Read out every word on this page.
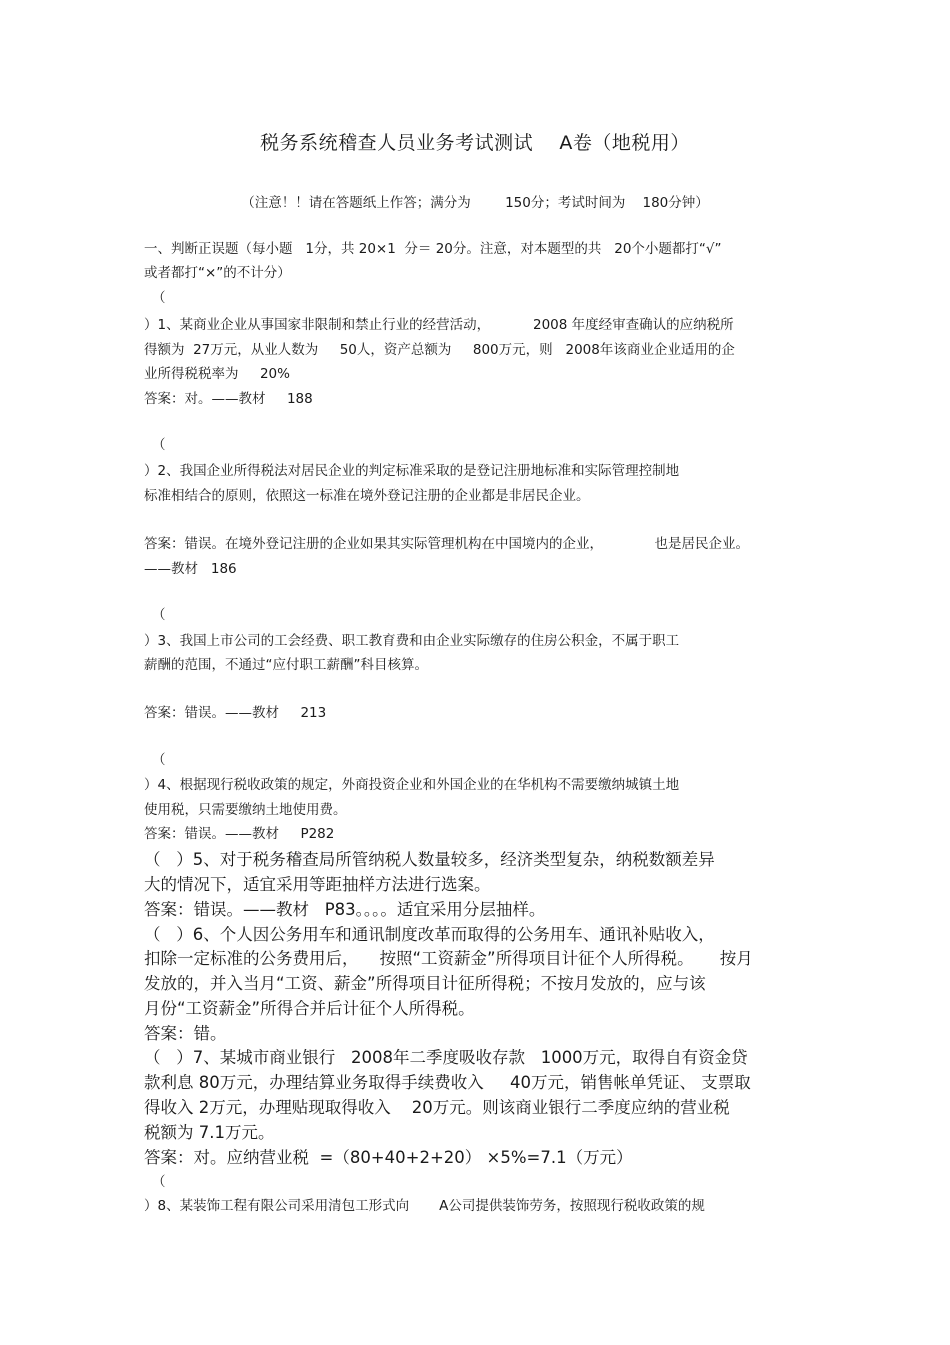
税务系统稽查人员业务考试测试    A卷（地税用）
（注意！！请在答题纸上作答；满分为        150分；考试时间为    180分钟）
一、判断正误题（每小题   1分，共 20×1  分＝ 20分。注意，对本题型的共   20个小题都打“√”
或者都打“×”的不计分）
（
）1、某商业企业从事国家非限制和禁止行业的经营活动，          2008 年度经审查确认的应纳税所
得额为  27万元，从业人数为     50人，资产总额为     800万元，则   2008年该商业企业适用的企
业所得税税率为     20%
答案：对。——教材     188
（
）2、我国企业所得税法对居民企业的判定标准采取的是登记注册地标准和实际管理控制地
标准相结合的原则，依照这一标准在境外登记注册的企业都是非居民企业。
答案：错误。在境外登记注册的企业如果其实际管理机构在中国境内的企业，            也是居民企业。
——教材   186
（
）3、我国上市公司的工会经费、职工教育费和由企业实际缴存的住房公积金，不属于职工
薪酬的范围，不通过“应付职工薪酬”科目核算。
答案：错误。——教材     213
（
）4、根据现行税收政策的规定，外商投资企业和外国企业的在华机构不需要缴纳城镇土地
使用税，只需要缴纳土地使用费。
答案：错误。——教材     P282
（   ）5、对于税务稽查局所管纳税人数量较多，经济类型复杂，纳税数额差异
大的情况下，适宜采用等距抽样方法进行选案。
答案：错误。——教材   P83。。。。适宜采用分层抽样。
（   ）6、个人因公务用车和通讯制度改革而取得的公务用车、通讯补贴收入，
扣除一定标准的公务费用后，    按照“工资薪金”所得项目计征个人所得税。     按月
发放的，并入当月“工资、薪金”所得项目计征所得税；不按月发放的，应与该
月份“工资薪金”所得合并后计征个人所得税。
答案：错。
（   ）7、某城市商业银行   2008年二季度吸收存款   1000万元，取得自有资金贷
款利息 80万元，办理结算业务取得手续费收入     40万元，销售帐单凭证、 支票取
得收入 2万元，办理贴现取得收入    20万元。则该商业银行二季度应纳的营业税
税额为 7.1万元。
答案：对。应纳营业税  =（80+40+2+20） ×5%=7.1（万元）
（
）8、某装饰工程有限公司采用清包工形式向       A公司提供装饰劳务，按照现行税收政策的规
